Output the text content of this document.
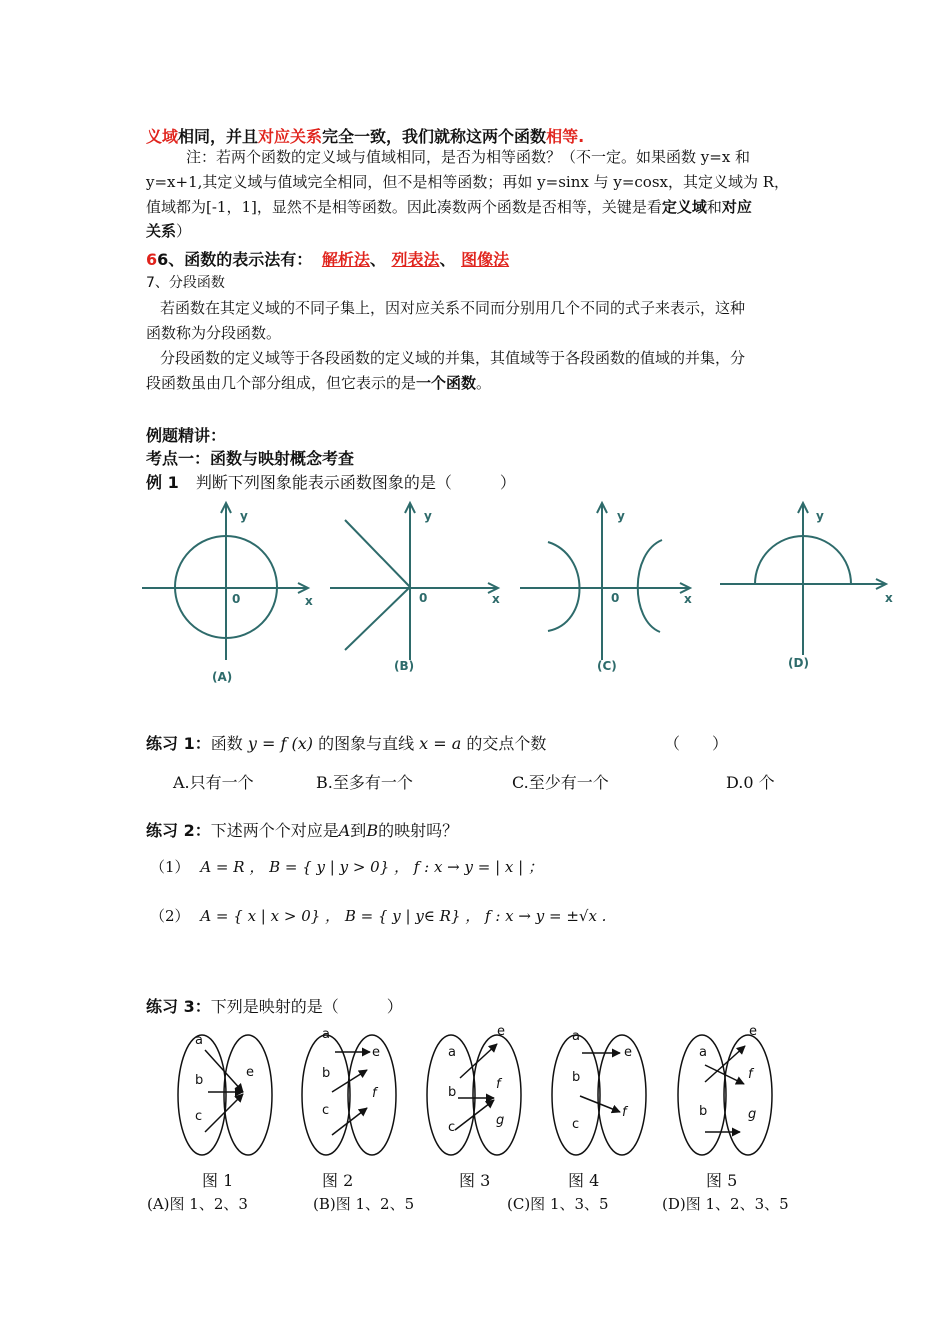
义域相同，并且对应关系完全一致，我们就称这两个函数相等.
注：若两个函数的定义域与值域相同，是否为相等函数？（不一定。如果函数 y=x 和
y=x+1,其定义域与值域完全相同，但不是相等函数；再如 y=sinx 与 y=cosx，其定义域为 R，
值域都为[-1，1]，显然不是相等函数。因此凑数两个函数是否相等，关键是看定义域和对应
关系）
66、函数的表示法有： 解析法、 列表法、 图像法
7、分段函数
若函数在其定义域的不同子集上，因对应关系不同而分别用几个不同的式子来表示，这种
函数称为分段函数。
分段函数的定义域等于各段函数的定义域的并集，其值域等于各段函数的值域的并集，分
段函数虽由几个部分组成，但它表示的是一个函数。
例题精讲：
考点一：函数与映射概念考查
例 1 判断下列图象能表示函数图象的是（　　　）
y
x
0
(A)
y
x
0
(B)
y
x
0
(C)
y
x
(D)
练习 1：函数 y = f (x) 的图象与直线 x = a 的交点个数	（　　）
A.只有一个	B.至多有一个	C.至少有一个	D.0 个
练习 2：下述两个个对应是A到B的映射吗？
（1） A = R ， B = { y | y > 0} ， f : x → y = | x | ；
（2） A = { x | x > 0} ， B = { y | y∈ R} ， f : x → y = ±√x .
练习 3：下列是映射的是（　　　）
a
b
c
e
a
b
c
e
f
a
b
c
e
f
g
a
b
c
e
f
a
b
e
f
g
图 1	图 2	图 3	图 4	图 5
(A)图 1、2、3	(B)图 1、2、5	(C)图 1、3、5	(D)图 1、2、3、5
